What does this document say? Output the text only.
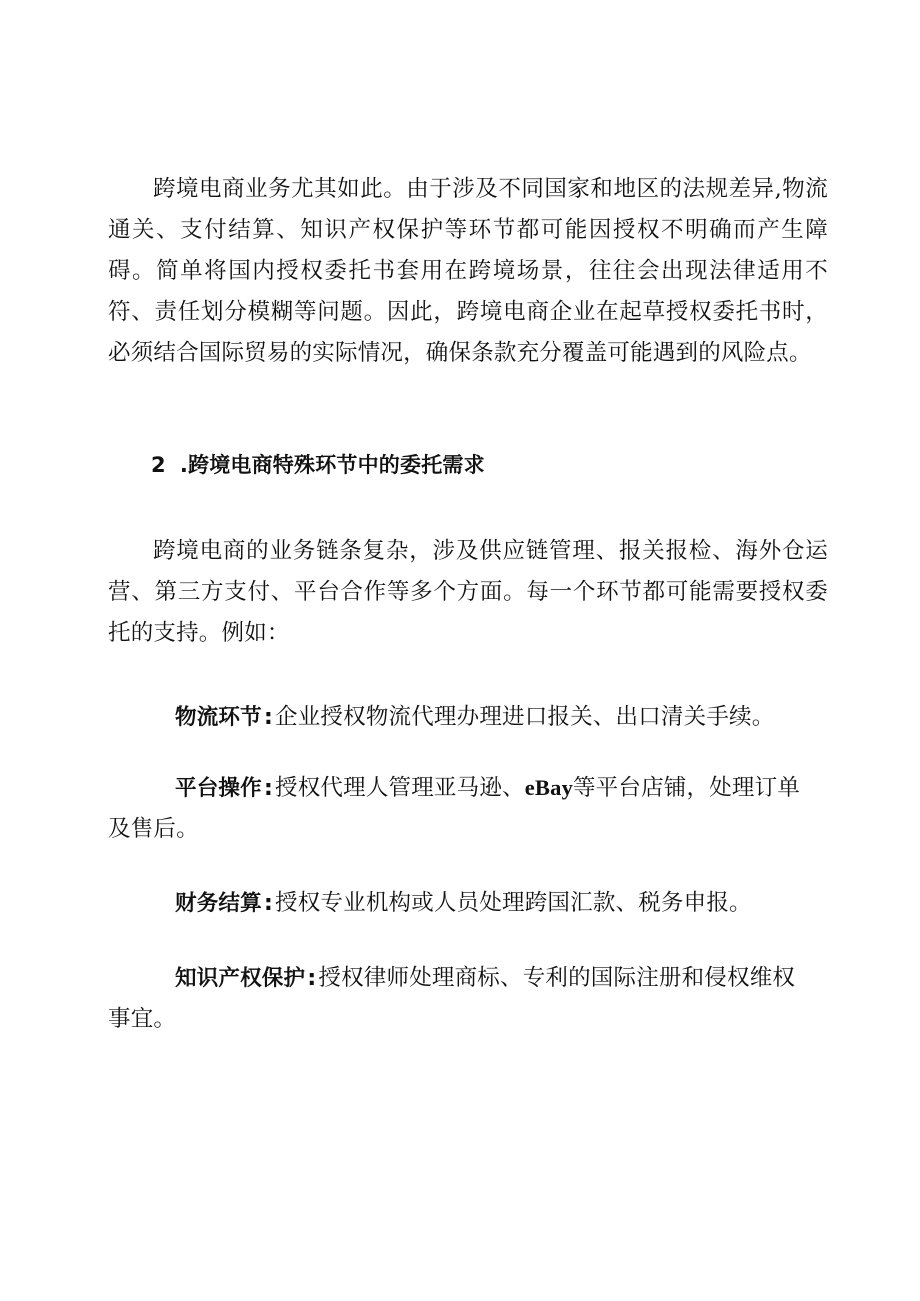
跨境电商业务尤其如此。由于涉及不同国家和地区的法规差异,物流通关、支付结算、知识产权保护等环节都可能因授权不明确而产生障碍。简单将国内授权委托书套用在跨境场景，往往会出现法律适用不符、责任划分模糊等问题。因此，跨境电商企业在起草授权委托书时，必须结合国际贸易的实际情况，确保条款充分覆盖可能遇到的风险点。

2 .跨境电商特殊环节中的委托需求

跨境电商的业务链条复杂，涉及供应链管理、报关报检、海外仓运营、第三方支付、平台合作等多个方面。每一个环节都可能需要授权委托的支持。例如：

物流环节:企业授权物流代理办理进口报关、出口清关手续。

平台操作:授权代理人管理亚马逊、eBay等平台店铺，处理订单及售后。

财务结算:授权专业机构或人员处理跨国汇款、税务申报。

知识产权保护:授权律师处理商标、专利的国际注册和侵权维权事宜。
